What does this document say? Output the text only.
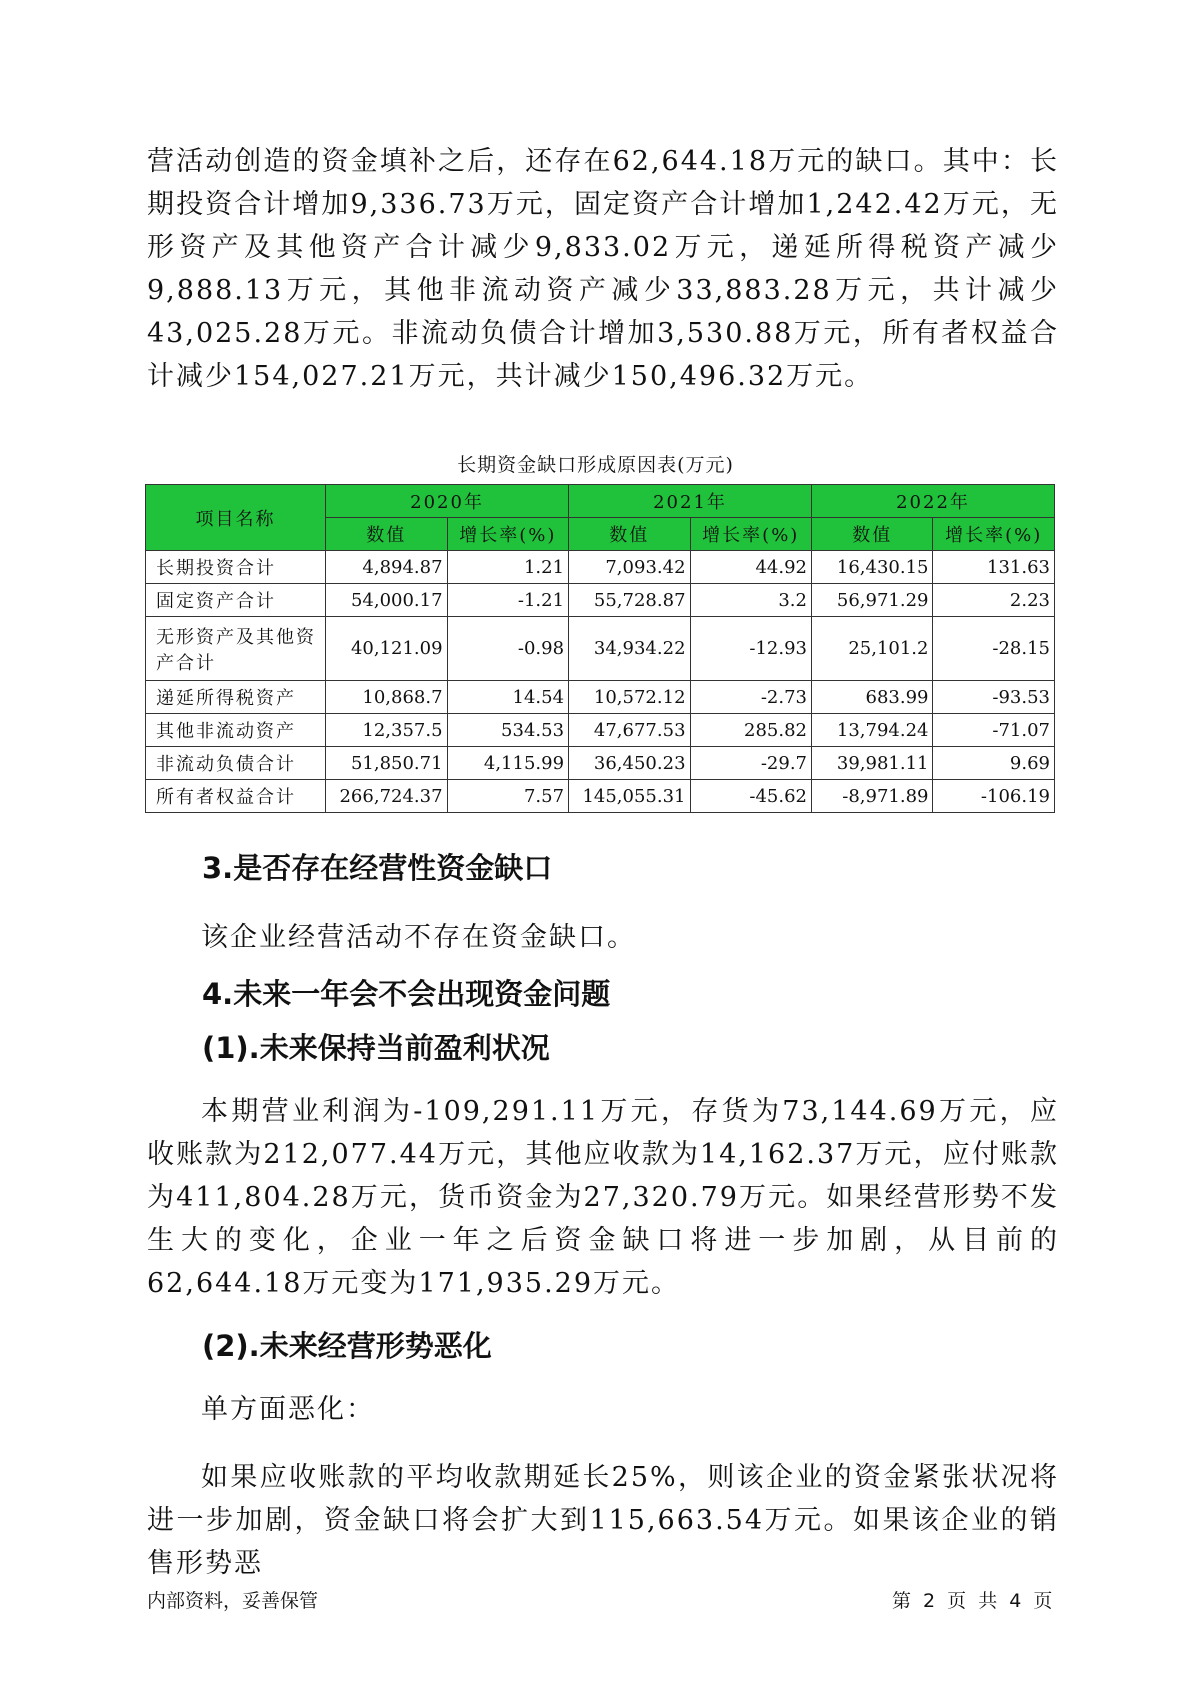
营活动创造的资金填补之后，还存在62,644.18万元的缺口。其中：长期投资合计增加9,336.73万元，固定资产合计增加1,242.42万元，无形资产及其他资产合计减少9,833.02万元，递延所得税资产减少9,888.13万元，其他非流动资产减少33,883.28万元，共计减少43,025.28万元。非流动负债合计增加3,530.88万元，所有者权益合计减少154,027.21万元，共计减少150,496.32万元。
长期资金缺口形成原因表(万元)
项目名称	2020年		2021年		2022年	
	数值	增长率(%)	数值	增长率(%)	数值	增长率(%)
长期投资合计	4,894.87	1.21	7,093.42	44.92	16,430.15	131.63
固定资产合计	54,000.17	-1.21	55,728.87	3.2	56,971.29	2.23
无形资产及其他资产合计	40,121.09	-0.98	34,934.22	-12.93	25,101.2	-28.15
递延所得税资产	10,868.7	14.54	10,572.12	-2.73	683.99	-93.53
其他非流动资产	12,357.5	534.53	47,677.53	285.82	13,794.24	-71.07
非流动负债合计	51,850.71	4,115.99	36,450.23	-29.7	39,981.11	9.69
所有者权益合计	266,724.37	7.57	145,055.31	-45.62	-8,971.89	-106.19
3.是否存在经营性资金缺口
该企业经营活动不存在资金缺口。
4.未来一年会不会出现资金问题
(1).未来保持当前盈利状况
本期营业利润为-109,291.11万元，存货为73,144.69万元，应收账款为212,077.44万元，其他应收款为14,162.37万元，应付账款为411,804.28万元，货币资金为27,320.79万元。如果经营形势不发生大的变化，企业一年之后资金缺口将进一步加剧，从目前的62,644.18万元变为171,935.29万元。
(2).未来经营形势恶化
单方面恶化：
如果应收账款的平均收款期延长25%，则该企业的资金紧张状况将进一步加剧，资金缺口将会扩大到115,663.54万元。如果该企业的销售形势恶
内部资料，妥善保管	第 2 页 共 4 页
